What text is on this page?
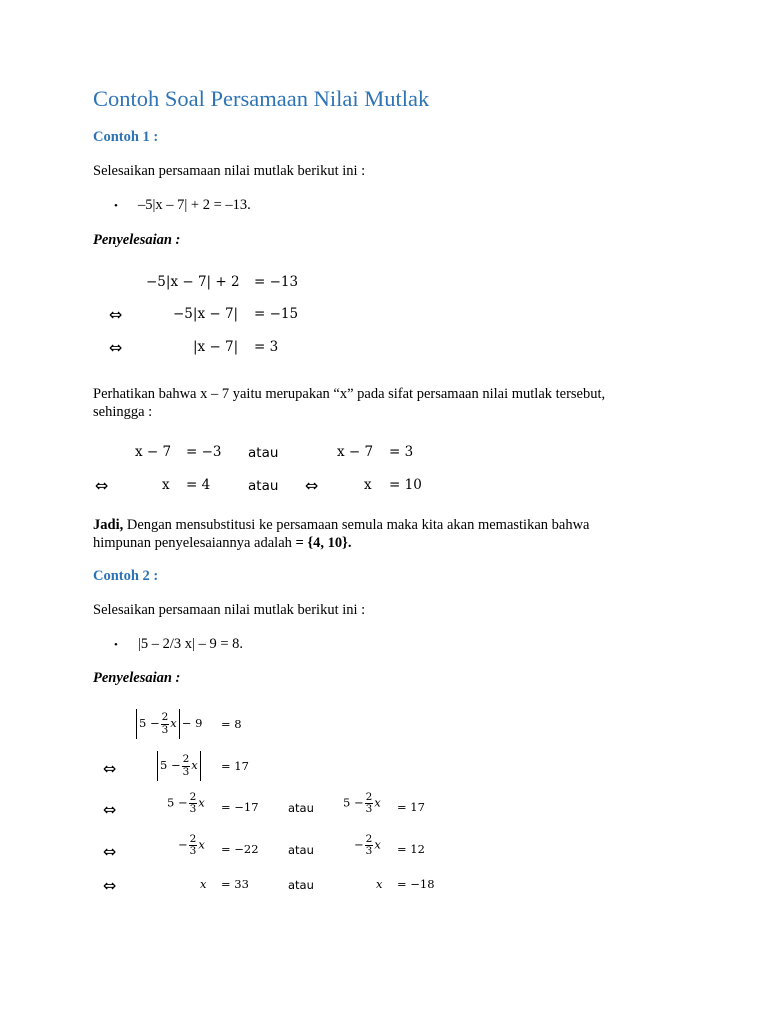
Contoh Soal Persamaan Nilai Mutlak
Contoh 1 :
Selesaikan persamaan nilai mutlak berikut ini :
• –5|x – 7| + 2 = –13.
Penyelesaian :
−5|x − 7| + 2 = −13
⇔	−5|x − 7| = −15
⇔	|x − 7| = 3
Perhatikan bahwa x – 7 yaitu merupakan “x” pada sifat persamaan nilai mutlak tersebut,
sehingga :
x − 7 = −3 atau	x − 7 = 3
⇔	x = 4	atau ⇔	x = 10
Jadi, Dengan mensubstitusi ke persamaan semula maka kita akan memastikan bahwa
himpunan penyelesaiannya adalah = {4, 10}.
Contoh 2 :
Selesaikan persamaan nilai mutlak berikut ini :
• |5 – 2/3 x| – 9 = 8.
Penyelesaian :
$5 - \frac{2}{3}$ x − 9 = 8
⇔	$5 - \frac{2}{3}$ x	= 17
⇔	$5 - \frac{2}{3}$ x = −17	atau	$5 - \frac{2}{3}$ x = 17
⇔	− $\frac{2}{3}$ x = −22	atau	− $\frac{2}{3}$ x = 12
⇔	x = 33	atau	x = −18
